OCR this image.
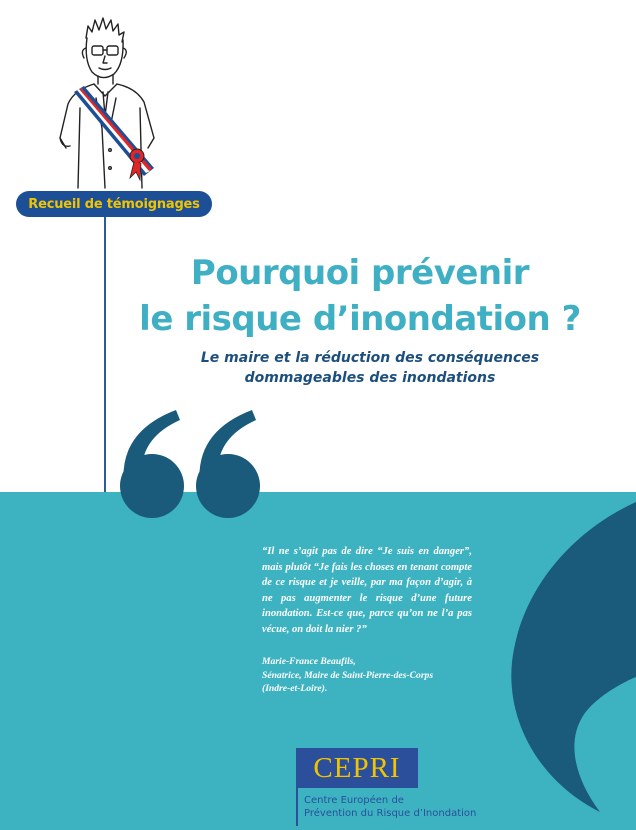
Recueil de témoignages
Pourquoi prévenir
le risque d’inondation ?
Le maire et la réduction des conséquences
dommageables des inondations
“Il ne s’agit pas de dire “Je suis en danger”, mais plutôt “Je fais les choses en tenant compte de ce risque et je veille, par ma façon d’agir, à ne pas augmenter le risque d’une future inondation. Est-ce que, parce qu’on ne l’a pas vécue, on doit la nier ?”
Marie-France Beaufils,
Sénatrice, Maire de Saint-Pierre-des-Corps
(Indre-et-Loire).
CEPRI
Centre Européen de
Prévention du Risque d’Inondation
